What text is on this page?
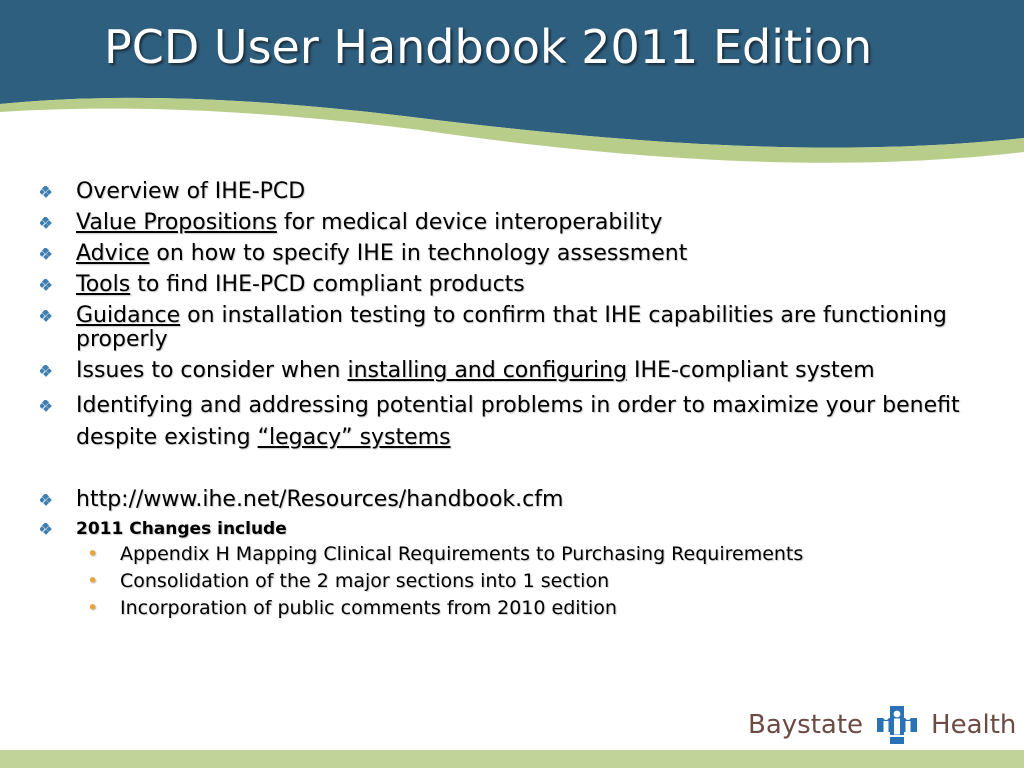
PCD User Handbook 2011 Edition
Overview of IHE-PCD
Value Propositions for medical device interoperability
Advice on how to specify IHE in technology assessment
Tools to find IHE-PCD compliant products
Guidance on installation testing to confirm that IHE capabilities are functioning properly
Issues to consider when installing and configuring IHE-compliant system
Identifying and addressing potential problems in order to maximize your benefit despite existing “legacy” systems
http://www.ihe.net/Resources/handbook.cfm
2011 Changes include
• Appendix H Mapping Clinical Requirements to Purchasing Requirements
• Consolidation of the 2 major sections into 1 section
• Incorporation of public comments from 2010 edition
Baystate	Health
